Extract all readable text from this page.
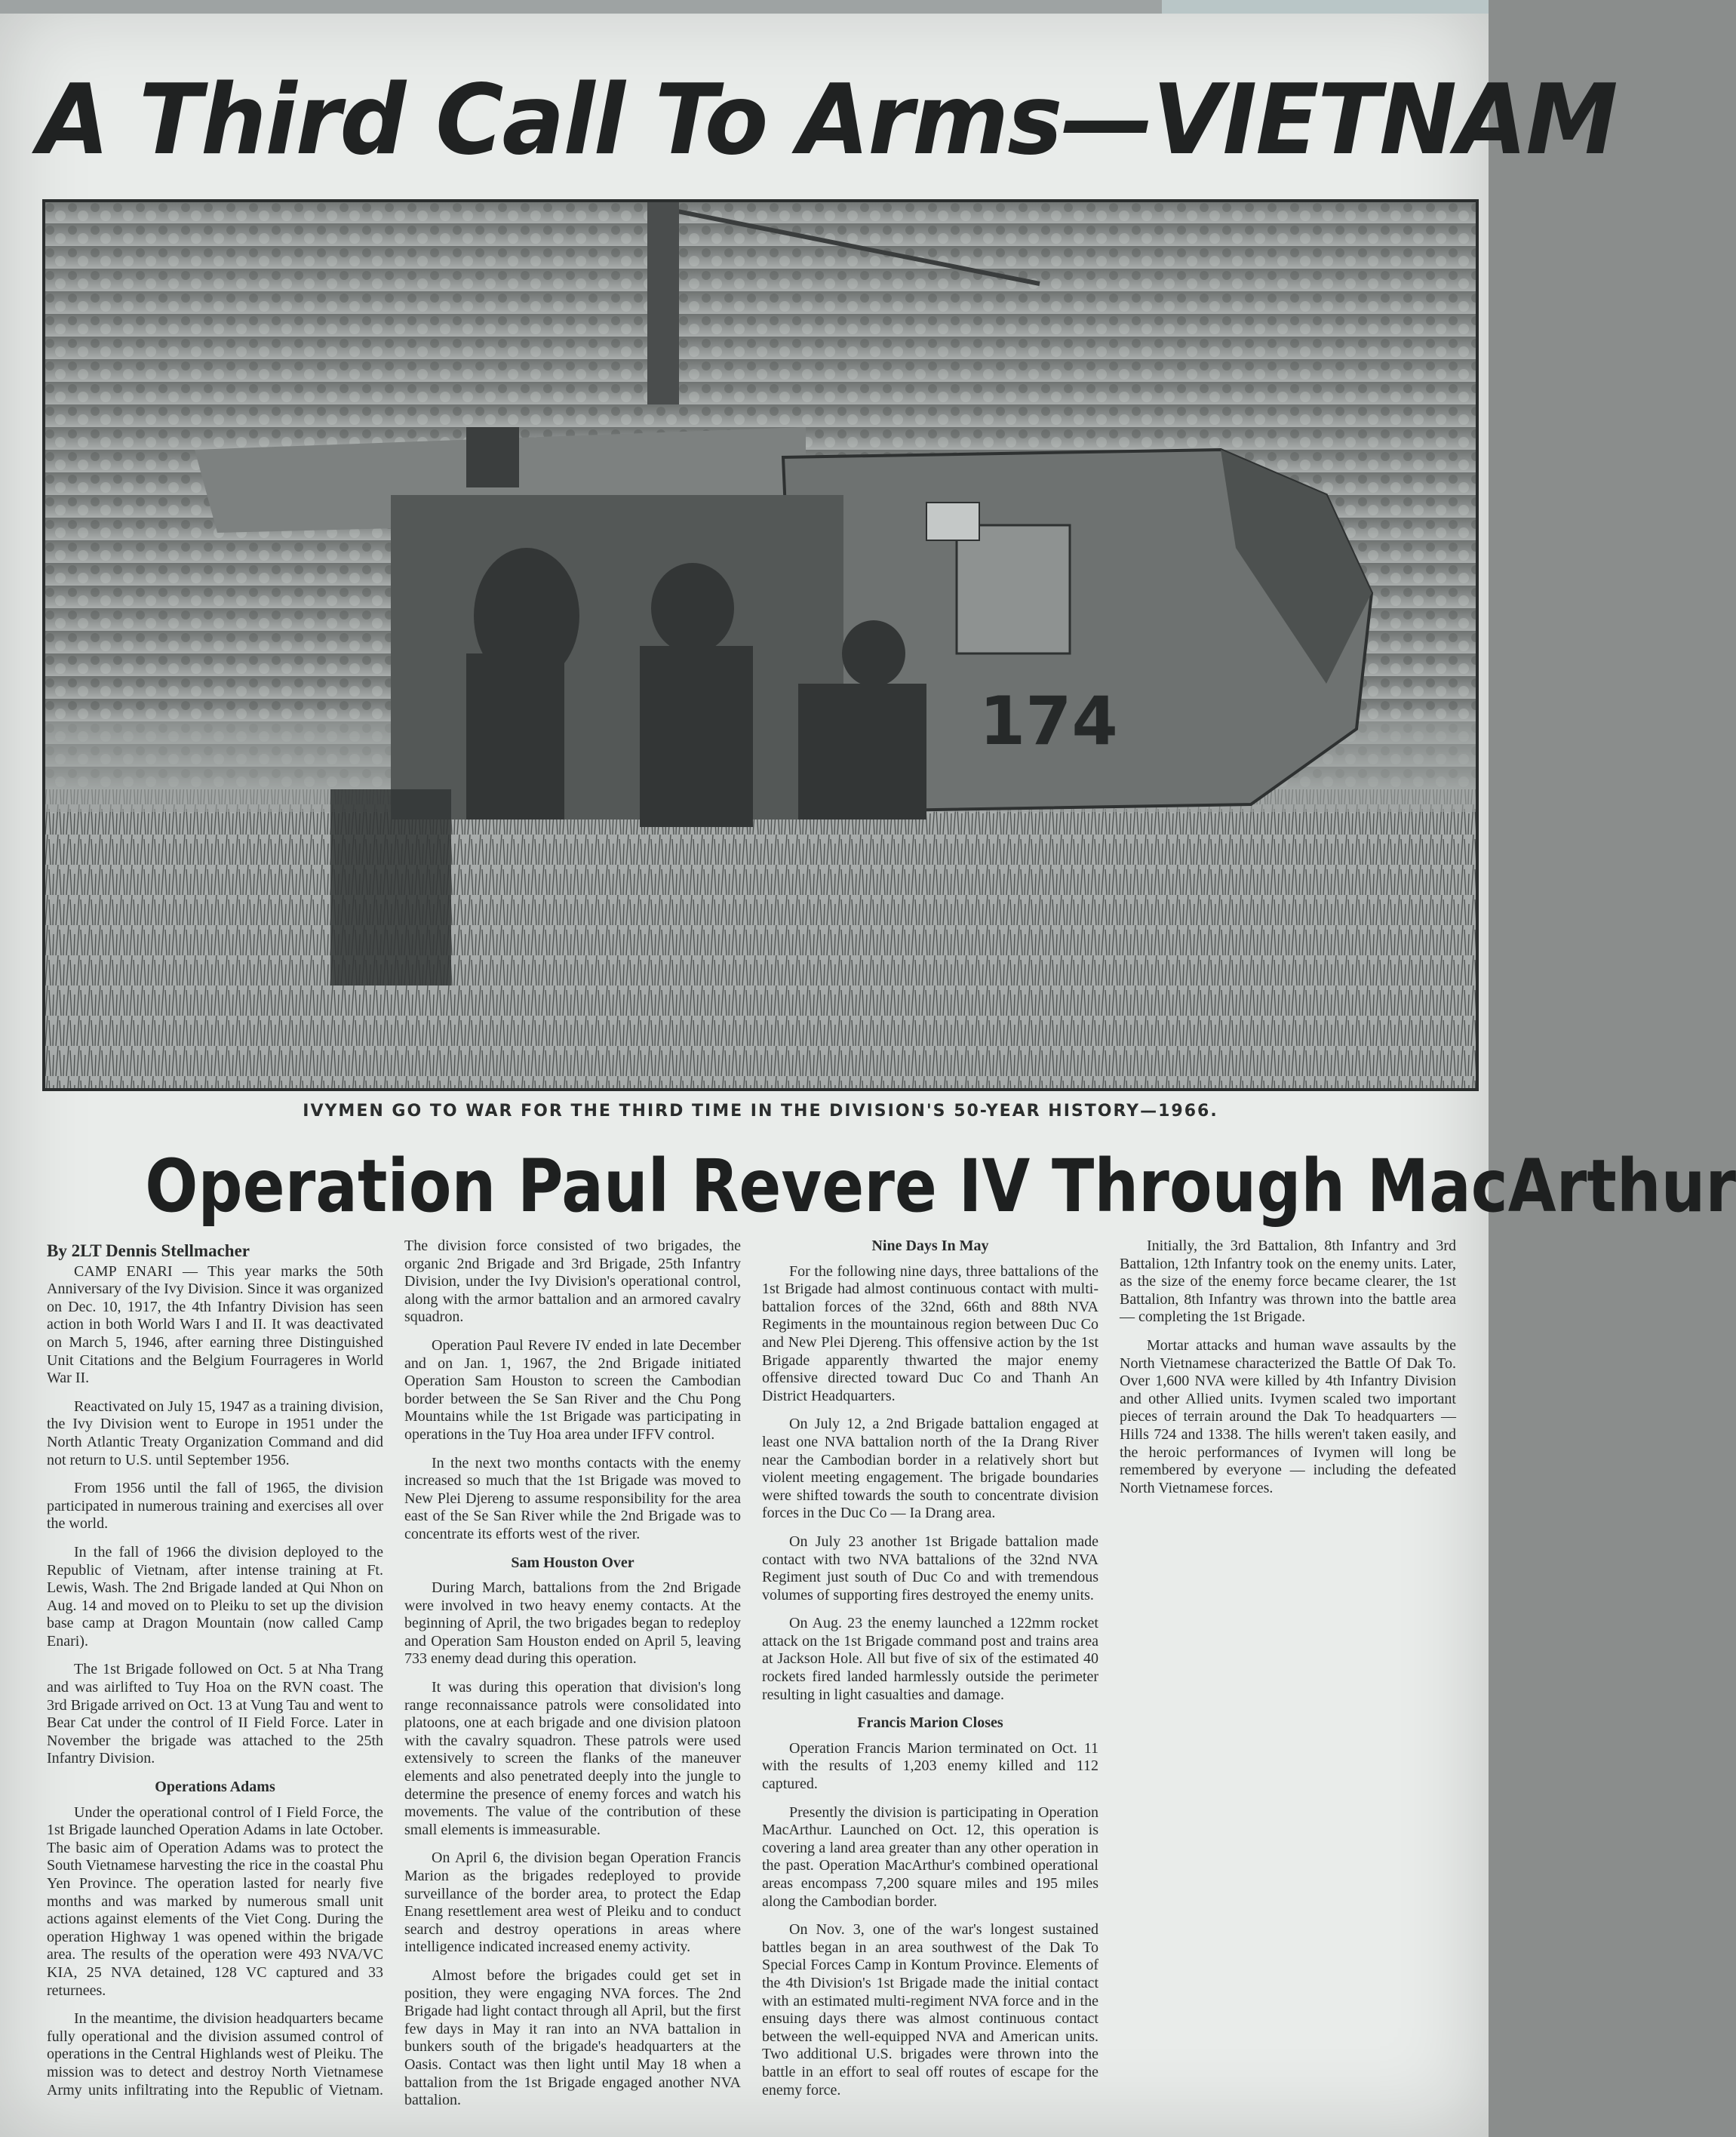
A Third Call To Arms—VIETNAM
174

IVYMEN GO TO WAR FOR THE THIRD TIME IN THE DIVISION'S 50-YEAR HISTORY—1966.

Operation Paul Revere IV Through MacArthur

By 2LT Dennis Stellmacher

CAMP ENARI — This year marks the 50th Anniversary of the Ivy Division. Since it was organized on Dec. 10, 1917, the 4th Infantry Division has seen action in both World Wars I and II. It was deactivated on March 5, 1946, after earning three Distinguished Unit Citations and the Belgium Fourrageres in World War II.

Reactivated on July 15, 1947 as a training division, the Ivy Division went to Europe in 1951 under the North Atlantic Treaty Organization Command and did not return to U.S. until September 1956.

From 1956 until the fall of 1965, the division participated in numerous training and exercises all over the world.

In the fall of 1966 the division deployed to the Republic of Vietnam, after intense training at Ft. Lewis, Wash. The 2nd Brigade landed at Qui Nhon on Aug. 14 and moved on to Pleiku to set up the division base camp at Dragon Mountain (now called Camp Enari).

The 1st Brigade followed on Oct. 5 at Nha Trang and was airlifted to Tuy Hoa on the RVN coast. The 3rd Brigade arrived on Oct. 13 at Vung Tau and went to Bear Cat under the control of II Field Force. Later in November the brigade was attached to the 25th Infantry Division.

Operations Adams

Under the operational control of I Field Force, the 1st Brigade launched Operation Adams in late October. The basic aim of Operation Adams was to protect the South Vietnamese harvesting the rice in the coastal Phu Yen Province. The operation lasted for nearly five months and was marked by numerous small unit actions against elements of the Viet Cong. During the operation Highway 1 was opened within the brigade area. The results of the operation were 493 NVA/VC KIA, 25 NVA detained, 128 VC captured and 33 returnees.

In the meantime, the division headquarters became fully operational and the division assumed control of operations in the Central Highlands west of Pleiku. The mission was to detect and destroy North Vietnamese Army units infiltrating into the Republic of Vietnam. The division force consisted of two brigades, the organic 2nd Brigade and 3rd Brigade, 25th Infantry Division, under the Ivy Division's operational control, along with the armor battalion and an armored cavalry squadron.

Operation Paul Revere IV ended in late December and on Jan. 1, 1967, the 2nd Brigade initiated Operation Sam Houston to screen the Cambodian border between the Se San River and the Chu Pong Mountains while the 1st Brigade was participating in operations in the Tuy Hoa area under IFFV control.

In the next two months contacts with the enemy increased so much that the 1st Brigade was moved to New Plei Djereng to assume responsibility for the area east of the Se San River while the 2nd Brigade was to concentrate its efforts west of the river.

Sam Houston Over

During March, battalions from the 2nd Brigade were involved in two heavy enemy contacts. At the beginning of April, the two brigades began to redeploy and Operation Sam Houston ended on April 5, leaving 733 enemy dead during this operation.

It was during this operation that division's long range reconnaissance patrols were consolidated into platoons, one at each brigade and one division platoon with the cavalry squadron. These patrols were used extensively to screen the flanks of the maneuver elements and also penetrated deeply into the jungle to determine the presence of enemy forces and watch his movements. The value of the contribution of these small elements is immeasurable.

On April 6, the division began Operation Francis Marion as the brigades redeployed to provide surveillance of the border area, to protect the Edap Enang resettlement area west of Pleiku and to conduct search and destroy operations in areas where intelligence indicated increased enemy activity.

Almost before the brigades could get set in position, they were engaging NVA forces. The 2nd Brigade had light contact through all April, but the first few days in May it ran into an NVA battalion in bunkers south of the brigade's headquarters at the Oasis. Contact was then light until May 18 when a battalion from the 1st Brigade engaged another NVA battalion.

Nine Days In May

For the following nine days, three battalions of the 1st Brigade had almost continuous contact with multi-battalion forces of the 32nd, 66th and 88th NVA Regiments in the mountainous region between Duc Co and New Plei Djereng. This offensive action by the 1st Brigade apparently thwarted the major enemy offensive directed toward Duc Co and Thanh An District Headquarters.

On July 12, a 2nd Brigade battalion engaged at least one NVA battalion north of the Ia Drang River near the Cambodian border in a relatively short but violent meeting engagement. The brigade boundaries were shifted towards the south to concentrate division forces in the Duc Co — Ia Drang area.

On July 23 another 1st Brigade battalion made contact with two NVA battalions of the 32nd NVA Regiment just south of Duc Co and with tremendous volumes of supporting fires destroyed the enemy units.

On Aug. 23 the enemy launched a 122mm rocket attack on the 1st Brigade command post and trains area at Jackson Hole. All but five of six of the estimated 40 rockets fired landed harmlessly outside the perimeter resulting in light casualties and damage.

Francis Marion Closes

Operation Francis Marion terminated on Oct. 11 with the results of 1,203 enemy killed and 112 captured.

Presently the division is participating in Operation MacArthur. Launched on Oct. 12, this operation is covering a land area greater than any other operation in the past. Operation MacArthur's combined operational areas encompass 7,200 square miles and 195 miles along the Cambodian border.

On Nov. 3, one of the war's longest sustained battles began in an area southwest of the Dak To Special Forces Camp in Kontum Province. Elements of the 4th Division's 1st Brigade made the initial contact with an estimated multi-regiment NVA force and in the ensuing days there was almost continuous contact between the well-equipped NVA and American units. Two additional U.S. brigades were thrown into the battle in an effort to seal off routes of escape for the enemy force.

Initially, the 3rd Battalion, 8th Infantry and 3rd Battalion, 12th Infantry took on the enemy units. Later, as the size of the enemy force became clearer, the 1st Battalion, 8th Infantry was thrown into the battle area — completing the 1st Brigade.

Mortar attacks and human wave assaults by the North Vietnamese characterized the Battle Of Dak To. Over 1,600 NVA were killed by 4th Infantry Division and other Allied units. Ivymen scaled two important pieces of terrain around the Dak To headquarters — Hills 724 and 1338. The hills weren't taken easily, and the heroic performances of Ivymen will long be remembered by everyone — including the defeated North Vietnamese forces.
